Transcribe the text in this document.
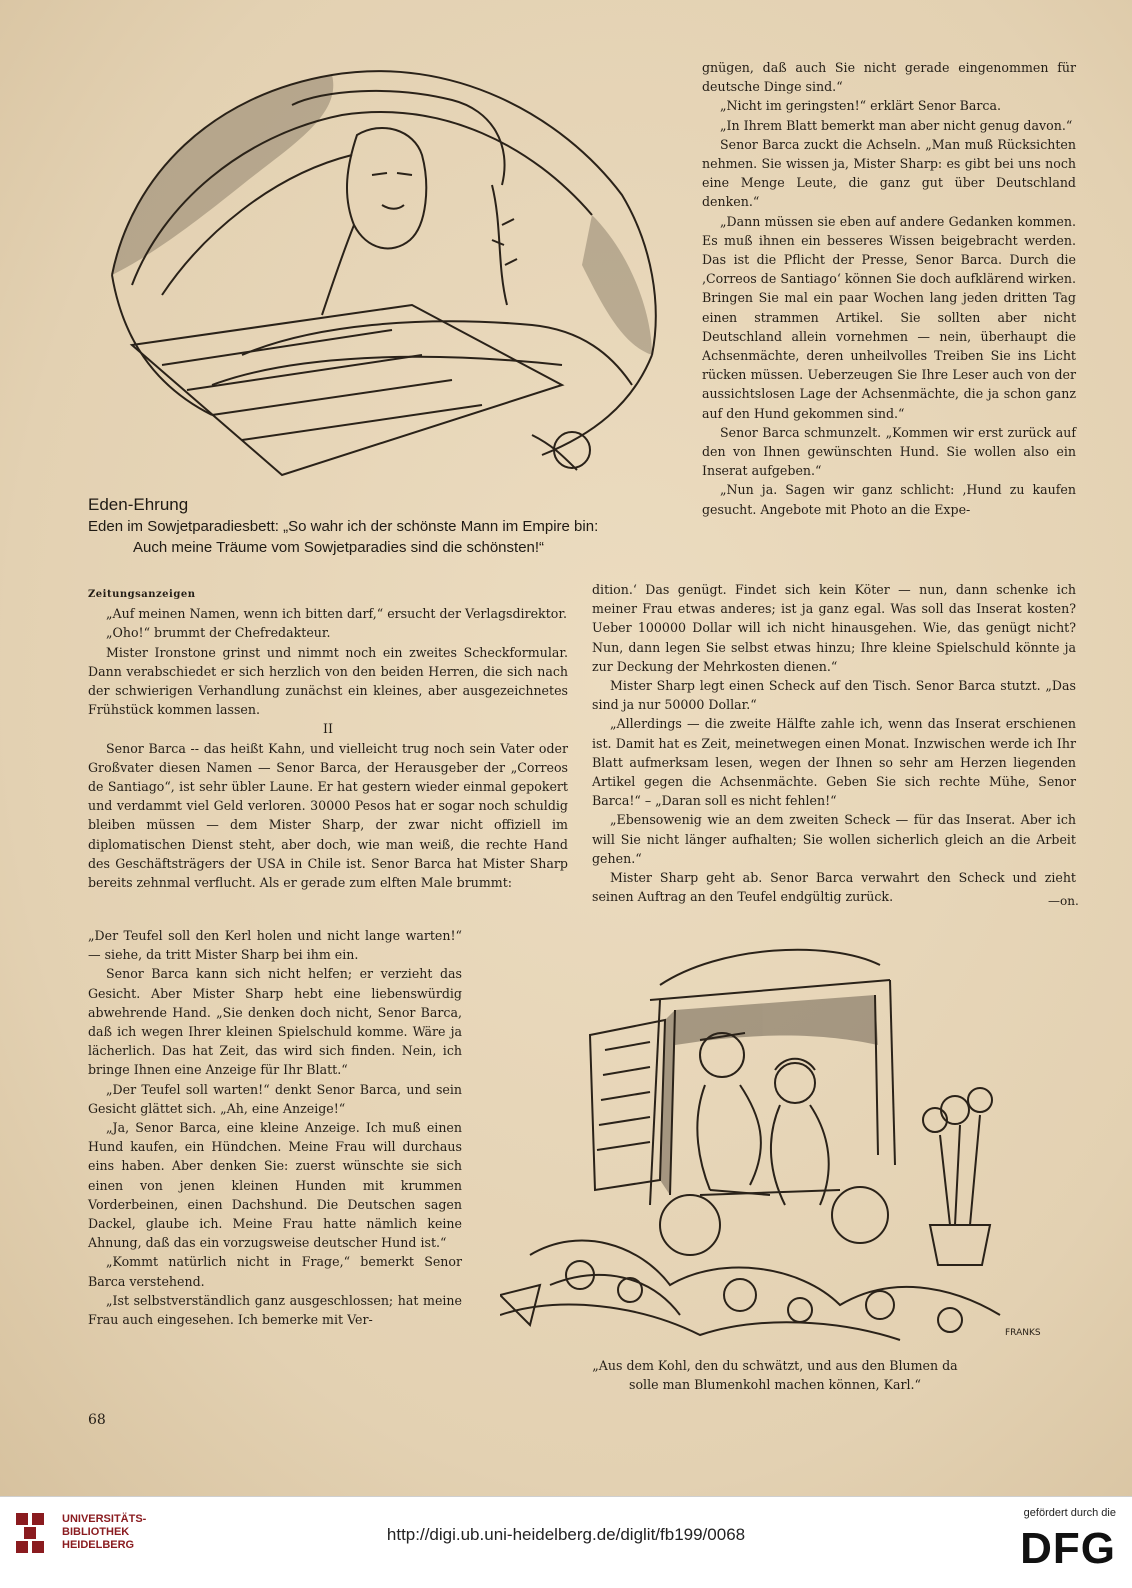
Eden-Ehrung
Eden im Sowjetparadiesbett: „So wahr ich der schönste Mann im Empire bin:
Auch meine Träume vom Sowjetparadies sind die schönsten!“

gnügen, daß auch Sie nicht gerade eingenommen für deutsche Dinge sind.“

„Nicht im geringsten!“ erklärt Senor Barca.

„In Ihrem Blatt bemerkt man aber nicht genug davon.“

Senor Barca zuckt die Achseln. „Man muß Rücksichten nehmen. Sie wissen ja, Mister Sharp: es gibt bei uns noch eine Menge Leute, die ganz gut über Deutschland denken.“

„Dann müssen sie eben auf andere Gedanken kommen. Es muß ihnen ein besseres Wissen beigebracht werden. Das ist die Pflicht der Presse, Senor Barca. Durch die ‚Correos de Santiago‘ können Sie doch aufklärend wirken. Bringen Sie mal ein paar Wochen lang jeden dritten Tag einen strammen Artikel. Sie sollten aber nicht Deutschland allein vornehmen — nein, überhaupt die Achsenmächte, deren unheilvolles Treiben Sie ins Licht rücken müssen. Ueberzeugen Sie Ihre Leser auch von der aussichtslosen Lage der Achsenmächte, die ja schon ganz auf den Hund gekommen sind.“

Senor Barca schmunzelt. „Kommen wir erst zurück auf den von Ihnen gewünschten Hund. Sie wollen also ein Inserat aufgeben.“

„Nun ja. Sagen wir ganz schlicht: ‚Hund zu kaufen gesucht. Angebote mit Photo an die Expe-

Zeitungsanzeigen

„Auf meinen Namen, wenn ich bitten darf,“ ersucht der Verlagsdirektor.

„Oho!“ brummt der Chefredakteur.

Mister Ironstone grinst und nimmt noch ein zweites Scheckformular. Dann verabschiedet er sich herzlich von den beiden Herren, die sich nach der schwierigen Verhandlung zunächst ein kleines, aber ausgezeichnetes Frühstück kommen lassen.

II

Senor Barca -- das heißt Kahn, und vielleicht trug noch sein Vater oder Großvater diesen Namen — Senor Barca, der Herausgeber der „Correos de Santiago“, ist sehr übler Laune. Er hat gestern wieder einmal gepokert und verdammt viel Geld verloren. 30000 Pesos hat er sogar noch schuldig bleiben müssen — dem Mister Sharp, der zwar nicht offiziell im diplomatischen Dienst steht, aber doch, wie man weiß, die rechte Hand des Geschäftsträgers der USA in Chile ist. Senor Barca hat Mister Sharp bereits zehnmal verflucht. Als er gerade zum elften Male brummt:

„Der Teufel soll den Kerl holen und nicht lange warten!“ — siehe, da tritt Mister Sharp bei ihm ein.

Senor Barca kann sich nicht helfen; er verzieht das Gesicht. Aber Mister Sharp hebt eine liebenswürdig abwehrende Hand. „Sie denken doch nicht, Senor Barca, daß ich wegen Ihrer kleinen Spielschuld komme. Wäre ja lächerlich. Das hat Zeit, das wird sich finden. Nein, ich bringe Ihnen eine Anzeige für Ihr Blatt.“

„Der Teufel soll warten!“ denkt Senor Barca, und sein Gesicht glättet sich. „Ah, eine Anzeige!“

„Ja, Senor Barca, eine kleine Anzeige. Ich muß einen Hund kaufen, ein Hündchen. Meine Frau will durchaus eins haben. Aber denken Sie: zuerst wünschte sie sich einen von jenen kleinen Hunden mit krummen Vorderbeinen, einen Dachshund. Die Deutschen sagen Dackel, glaube ich. Meine Frau hatte nämlich keine Ahnung, daß das ein vorzugsweise deutscher Hund ist.“

„Kommt natürlich nicht in Frage,“ bemerkt Senor Barca verstehend.

„Ist selbstverständlich ganz ausgeschlossen; hat meine Frau auch eingesehen. Ich bemerke mit Ver-

dition.‘ Das genügt. Findet sich kein Köter — nun, dann schenke ich meiner Frau etwas anderes; ist ja ganz egal. Was soll das Inserat kosten? Ueber 100000 Dollar will ich nicht hinausgehen. Wie, das genügt nicht? Nun, dann legen Sie selbst etwas hinzu; Ihre kleine Spielschuld könnte ja zur Deckung der Mehrkosten dienen.“

Mister Sharp legt einen Scheck auf den Tisch. Senor Barca stutzt. „Das sind ja nur 50000 Dollar.“

„Allerdings — die zweite Hälfte zahle ich, wenn das Inserat erschienen ist. Damit hat es Zeit, meinetwegen einen Monat. Inzwischen werde ich Ihr Blatt aufmerksam lesen, wegen der Ihnen so sehr am Herzen liegenden Artikel gegen die Achsenmächte. Geben Sie sich rechte Mühe, Senor Barca!“ – „Daran soll es nicht fehlen!“

„Ebensowenig wie an dem zweiten Scheck — für das Inserat. Aber ich will Sie nicht länger aufhalten; Sie wollen sicherlich gleich an die Arbeit gehen.“

Mister Sharp geht ab. Senor Barca verwahrt den Scheck und zieht seinen Auftrag an den Teufel endgültig zurück.	—on.
FRANKS
„Aus dem Kohl, den du schwätzt, und aus den Blumen da
solle man Blumenkohl machen können, Karl.“
68
UNIVERSITÄTS-
BIBLIOTHEK
HEIDELBERG
http://digi.ub.uni-heidelberg.de/diglit/fb199/0068
gefördert durch die
DFG
